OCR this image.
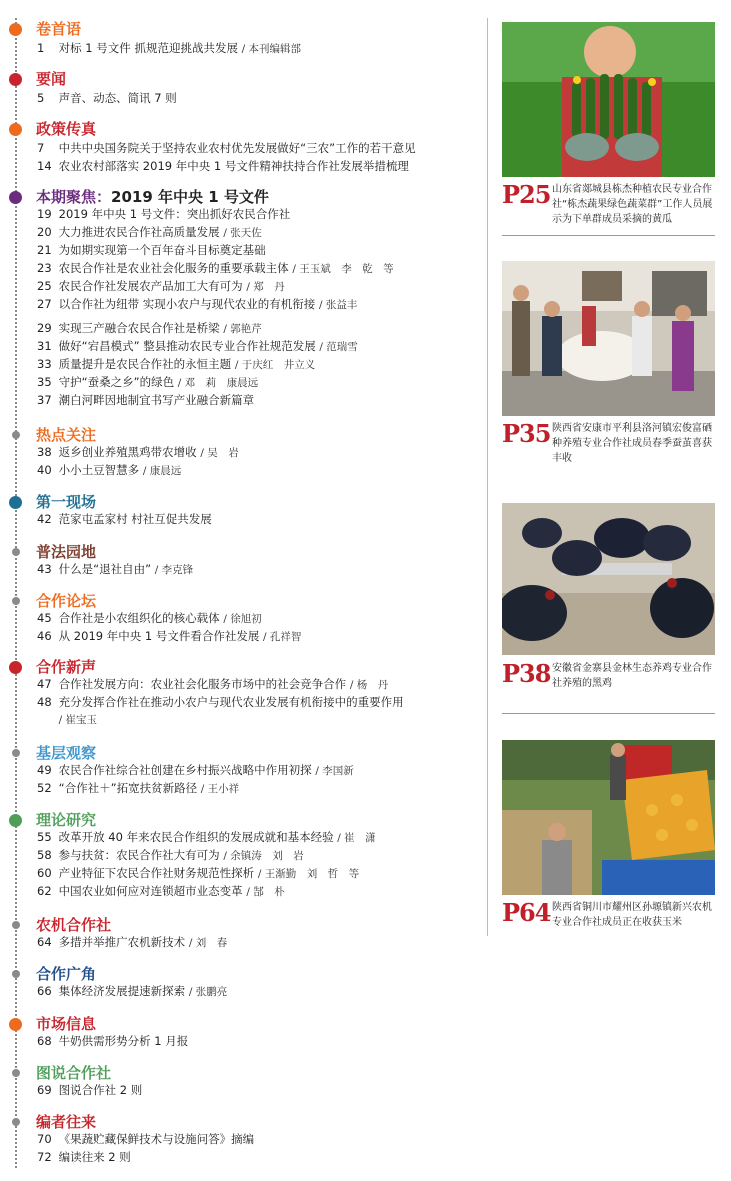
卷首语
1 对标 1 号文件 抓规范迎挑战共发展 / 本刊编辑部
要闻
5 声音、动态、简讯 7 则
政策传真
7 中共中央国务院关于坚持农业农村优先发展做好“三农”工作的若干意见
14 农业农村部落实 2019 年中央 1 号文件精神扶持合作社发展举措梳理
本期聚焦：2019 年中央 1 号文件
19 2019 年中央 1 号文件：突出抓好农民合作社
20 大力推进农民合作社高质量发展 / 张天佐
21 为如期实现第一个百年奋斗目标奠定基础
23 农民合作社是农业社会化服务的重要承载主体 / 王玉斌　李　乾　等
25 农民合作社发展农产品加工大有可为 / 郑　丹
27 以合作社为纽带 实现小农户与现代农业的有机衔接 / 张益丰
29 实现三产融合农民合作社是桥梁 / 郭艳芹
31 做好“宕昌模式” 整县推动农民专业合作社规范发展 / 范瑞雪
33 质量提升是农民合作社的永恒主题 / 于庆红　井立义
35 守护“蚕桑之乡”的绿色 / 邓　莉　康晨远
37 潮白河畔因地制宜书写产业融合新篇章
热点关注
38 返乡创业养殖黑鸡带农增收 / 吴　岩
40 小小土豆智慧多 / 康晨远
第一现场
42 范家屯孟家村 村社互促共发展
普法园地
43 什么是“退社自由” / 李克锋
合作论坛
45 合作社是小农组织化的核心载体 / 徐旭初
46 从 2019 年中央 1 号文件看合作社发展 / 孔祥智
合作新声
47 合作社发展方向：农业社会化服务市场中的社会竞争合作 / 杨　丹
48 充分发挥合作社在推动小农户与现代农业发展有机衔接中的重要作用
/ 崔宝玉
基层观察
49 农民合作社综合社创建在乡村振兴战略中作用初探 / 李国新
52 “合作社＋”拓宽扶贫新路径 / 王小祥
理论研究
55 改革开放 40 年来农民合作组织的发展成就和基本经验 / 崔　潇
58 参与扶贫：农民合作社大有可为 / 余镇涛　刘　岩
60 产业特征下农民合作社财务规范性探析 / 王渐勤　刘　哲　等
62 中国农业如何应对连锁超市业态变革 / 郜　朴
农机合作社
64 多措并举推广农机新技术 / 刘　春
合作广角
66 集体经济发展提速新探索 / 张鹏亮
市场信息
68 牛奶供需形势分析 1 月报
图说合作社
69 图说合作社 2 则
编者往来
70 《果蔬贮藏保鲜技术与设施问答》摘编
72 编读往来 2 则
P25 山东省郯城县栋杰种植农民专业合作社“栋杰蔬果绿色蔬菜群”工作人员展示为下单群成员采摘的黄瓜
P35 陕西省安康市平利县洛河镇宏俊富硒种养殖专业合作社成员春季蚕茧喜获丰收
P38 安徽省金寨县金林生态养鸡专业合作社养殖的黑鸡
P64 陕西省铜川市耀州区孙塬镇新兴农机专业合作社成员正在收获玉米
